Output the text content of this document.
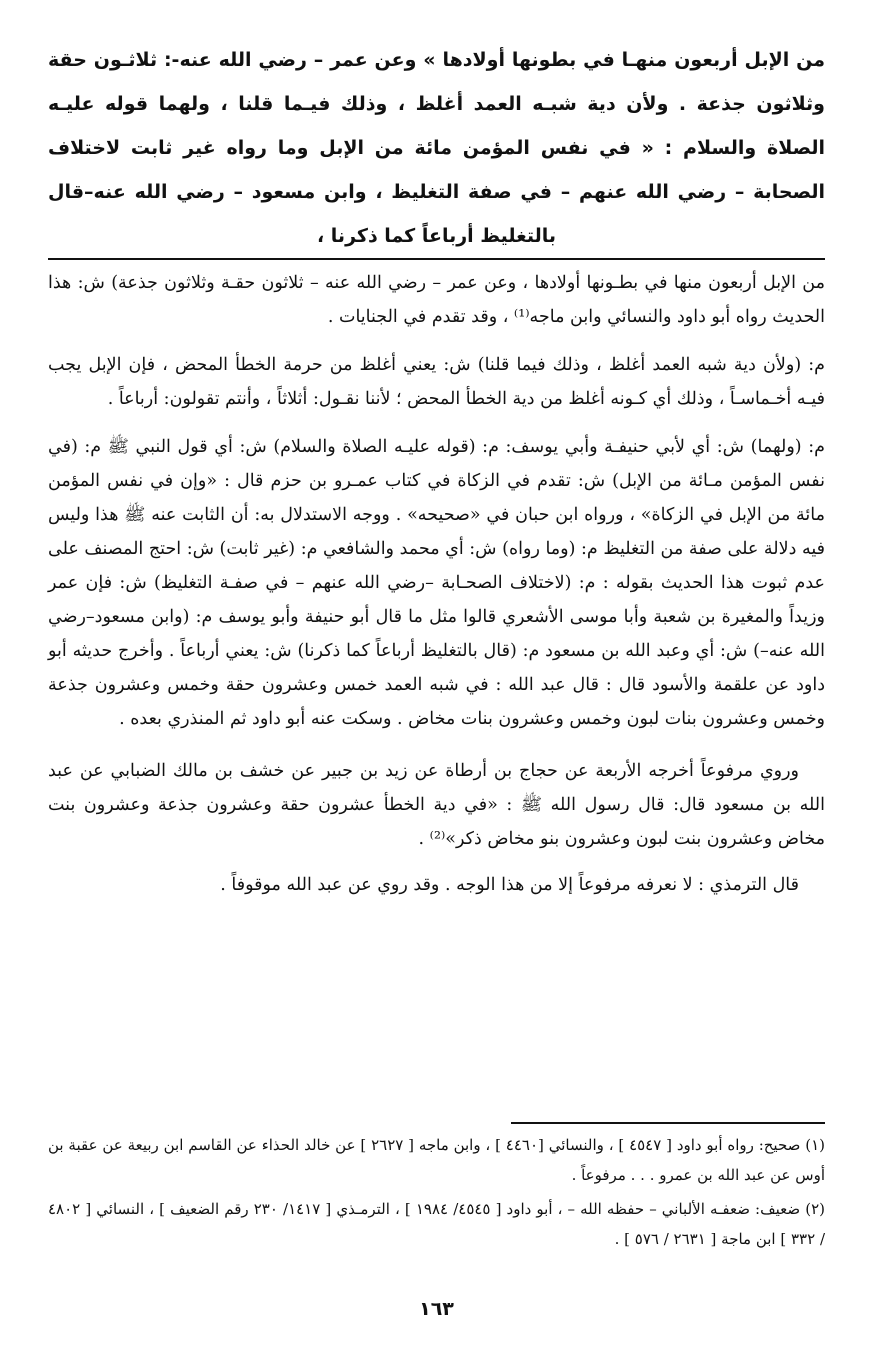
من الإبل أربعون منهـا في بطونها أولادها » وعن عمر – رضي الله عنه-: ثلاثـون حقة وثلاثون جذعة . ولأن دية شبـه العمد أغلظ ، وذلك فيـما قلنا ، ولهما قوله عليـه الصلاة والسلام : « في نفس المؤمن مائة من الإبل وما رواه غير ثابت لاختلاف الصحابة – رضي الله عنهم – في صفة التغليظ ، وابن مسعود – رضي الله عنه–قال بالتغليظ أرباعاً كما ذكرنا ،

من الإبل أربعون منها في بطـونها أولادها ، وعن عمر – رضي الله عنه – ثلاثون حقـة وثلاثون جذعة) ش: هذا الحديث رواه أبو داود والنسائي وابن ماجه⁽¹⁾ ، وقد تقدم في الجنايات .

م: (ولأن دية شبه العمد أغلظ ، وذلك فيما قلنا) ش: يعني أغلظ من حرمة الخطأ المحض ، فإن الإبل يجب فيـه أخـماسـاً ، وذلك أي كـونه أغلظ من دية الخطأ المحض ؛ لأننا نقـول: أثلاثاً ، وأنتم تقولون: أرباعاً .

م: (ولهما) ش: أي لأبي حنيفـة وأبي يوسف: م: (قوله عليـه الصلاة والسلام) ش: أي قول النبي ﷺ م: (في نفس المؤمن مـائة من الإبل) ش: تقدم في الزكاة في كتاب عمـرو بن حزم قال : «وإن في نفس المؤمن مائة من الإبل في الزكاة» ، ورواه ابن حبان في «صحيحه» . ووجه الاستدلال به: أن الثابت عنه ﷺ هذا وليس فيه دلالة على صفة من التغليظ م: (وما رواه) ش: أي محمد والشافعي م: (غير ثابت) ش: احتج المصنف على عدم ثبوت هذا الحديث بقوله : م: (لاختلاف الصحـابة –رضي الله عنهم – في صفـة التغليظ) ش: فإن عمر وزيداً والمغيرة بن شعبة وأبا موسى الأشعري قالوا مثل ما قال أبو حنيفة وأبو يوسف م: (وابن مسعود–رضي الله عنه–) ش: أي وعبد الله بن مسعود م: (قال بالتغليظ أرباعاً كما ذكرنا) ش: يعني أرباعاً . وأخرج حديثه أبو داود عن علقمة والأسود قال : قال عبد الله : في شبه العمد خمس وعشرون حقة وخمس وعشرون جذعة وخمس وعشرون بنات لبون وخمس وعشرون بنات مخاض . وسكت عنه أبو داود ثم المنذري بعده .

وروي مرفوعاً أخرجه الأربعة عن حجاج بن أرطاة عن زيد بن جبير عن خشف بن مالك الضبابي عن عبد الله بن مسعود قال: قال رسول الله ﷺ : «في دية الخطأ عشرون حقة وعشرون جذعة وعشرون بنت مخاض وعشرون بنت لبون وعشرون بنو مخاض ذكر»⁽²⁾ .

قال الترمذي : لا نعرفه مرفوعاً إلا من هذا الوجه . وقد روي عن عبد الله موقوفاً .

(١) صحيح: رواه أبو داود [ ٤٥٤٧ ] ، والنسائي [٤٤٦٠ ] ، وابن ماجه [ ٢٦٢٧ ] عن خالد الحذاء عن القاسم ابن ربيعة عن عقبة بن أوس عن عبد الله بن عمرو . . . مرفوعاً .

(٢) ضعيف: ضعفـه الألباني – حفظه الله – ، أبو داود [ ٤٥٤٥/ ١٩٨٤ ] ، الترمـذي [ ١٤١٧/ ٢٣٠ رقم الضعيف ] ، النسائي [ ٤٨٠٢ / ٣٣٢ ] ابن ماجة [ ٢٦٣١ / ٥٧٦ ] .

١٦٣
